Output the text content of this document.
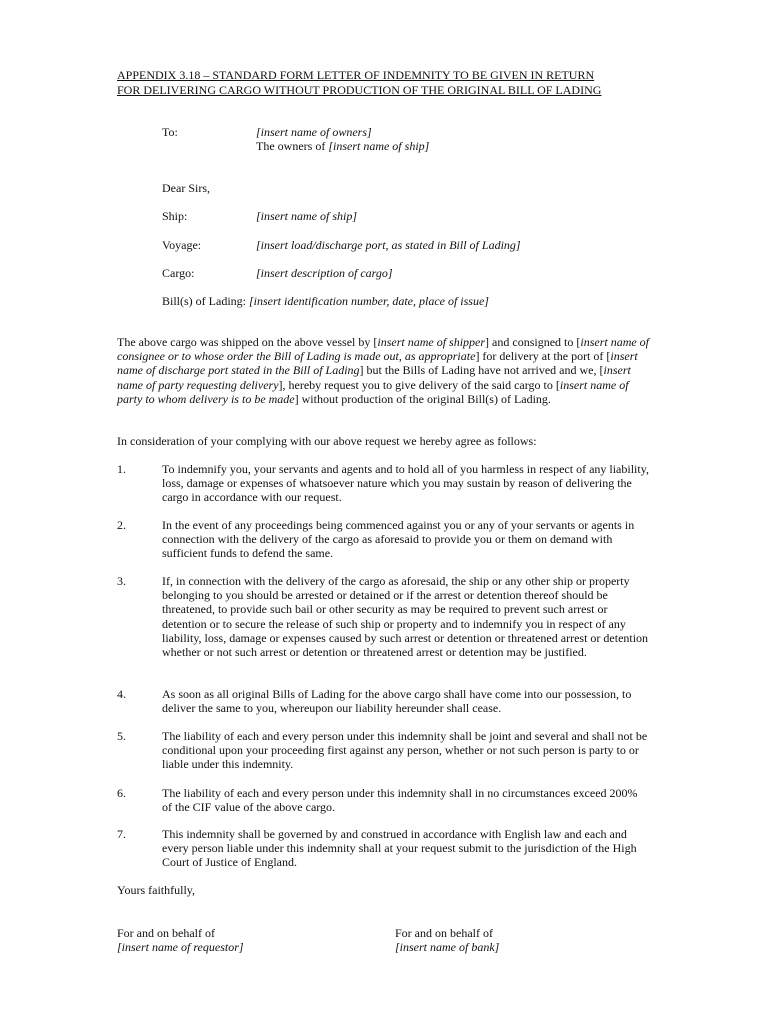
APPENDIX 3.18 – STANDARD FORM LETTER OF INDEMNITY TO BE GIVEN IN RETURN
FOR DELIVERING CARGO WITHOUT PRODUCTION OF THE ORIGINAL BILL OF LADING
To:	[insert name of owners]
The owners of [insert name of ship]
Dear Sirs,
Ship:	[insert name of ship]
Voyage:	[insert load/discharge port, as stated in Bill of Lading]
Cargo:	[insert description of cargo]
Bill(s) of Lading: [insert identification number, date, place of issue]

The above cargo was shipped on the above vessel by [insert name of shipper] and consigned to [insert name of consignee or to whose order the Bill of Lading is made out, as appropriate] for delivery at the port of [insert name of discharge port stated in the Bill of Lading] but the Bills of Lading have not arrived and we, [insert name of party requesting delivery], hereby request you to give delivery of the said cargo to [insert name of party to whom delivery is to be made] without production of the original Bill(s) of Lading.

In consideration of your complying with our above request we hereby agree as follows:

1.	To indemnify you, your servants and agents and to hold all of you harmless in respect of any liability, loss, damage or expenses of whatsoever nature which you may sustain by reason of delivering the cargo in accordance with our request.

2.	In the event of any proceedings being commenced against you or any of your servants or agents in connection with the delivery of the cargo as aforesaid to provide you or them on demand with sufficient funds to defend the same.

3.	If, in connection with the delivery of the cargo as aforesaid, the ship or any other ship or property belonging to you should be arrested or detained or if the arrest or detention thereof should be threatened, to provide such bail or other security as may be required to prevent such arrest or detention or to secure the release of such ship or property and to indemnify you in respect of any liability, loss, damage or expenses caused by such arrest or detention or threatened arrest or detention whether or not such arrest or detention or threatened arrest or detention may be justified.

4.	As soon as all original Bills of Lading for the above cargo shall have come into our possession, to deliver the same to you, whereupon our liability hereunder shall cease.

5.	The liability of each and every person under this indemnity shall be joint and several and shall not be conditional upon your proceeding first against any person, whether or not such person is party to or liable under this indemnity.

6.	The liability of each and every person under this indemnity shall in no circumstances exceed 200% of the CIF value of the above cargo.

7.	This indemnity shall be governed by and construed in accordance with English law and each and every person liable under this indemnity shall at your request submit to the jurisdiction of the High Court of Justice of England.

Yours faithfully,

For and on behalf of
[insert name of requestor]
For and on behalf of
[insert name of bank]
